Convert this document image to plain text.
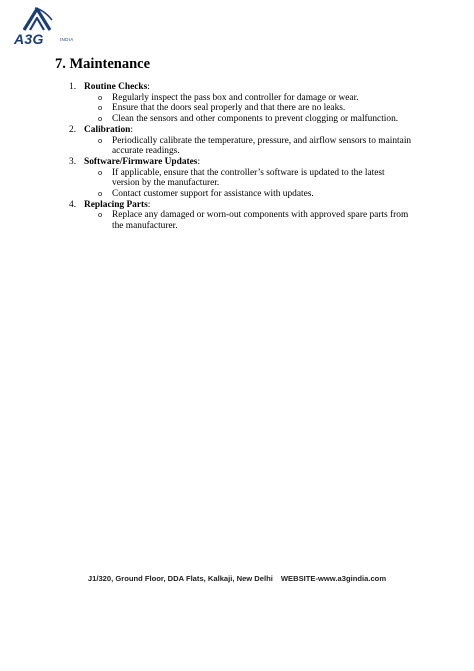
A3G	INDIA
7. Maintenance
1. Routine Checks:
o Regularly inspect the pass box and controller for damage or wear.
o Ensure that the doors seal properly and that there are no leaks.
o Clean the sensors and other components to prevent clogging or malfunction.
2. Calibration:
o Periodically calibrate the temperature, pressure, and airflow sensors to maintain accurate readings.
3. Software/Firmware Updates:
o If applicable, ensure that the controller’s software is updated to the latest version by the manufacturer.
o Contact customer support for assistance with updates.
4. Replacing Parts:
o Replace any damaged or worn-out components with approved spare parts from the manufacturer.
J1/320, Ground Floor, DDA Flats, Kalkaji, New Delhi WEBSITE-www.a3gindia.com
